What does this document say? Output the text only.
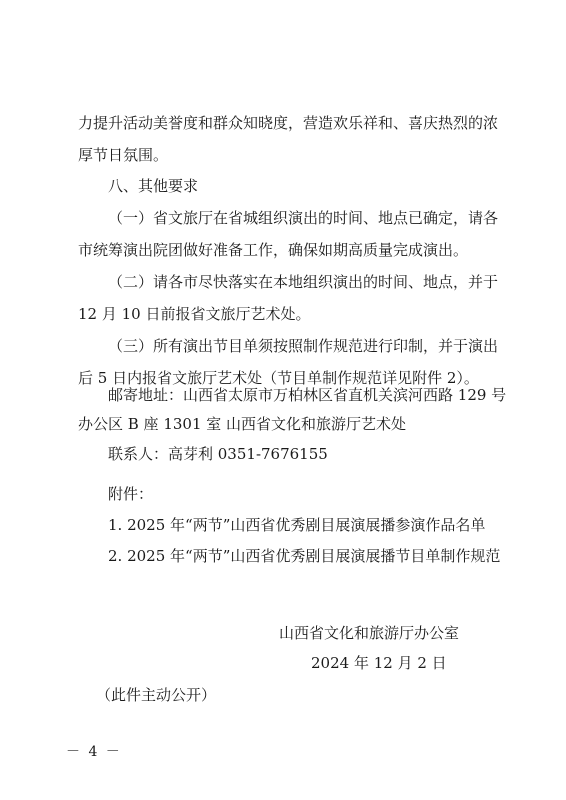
力提升活动美誉度和群众知晓度，营造欢乐祥和、喜庆热烈的浓
厚节日氛围。
八、其他要求
（一）省文旅厅在省城组织演出的时间、地点已确定，请各
市统筹演出院团做好准备工作，确保如期高质量完成演出。
（二）请各市尽快落实在本地组织演出的时间、地点，并于
12 月 10 日前报省文旅厅艺术处。
（三）所有演出节目单须按照制作规范进行印制，并于演出
后 5 日内报省文旅厅艺术处（节目单制作规范详见附件 2）。
邮寄地址：山西省太原市万柏林区省直机关滨河西路 129 号
办公区 B 座 1301 室 山西省文化和旅游厅艺术处
联系人：高芽利 0351-7676155
附件：
1. 2025 年“两节”山西省优秀剧目展演展播参演作品名单
2. 2025 年“两节”山西省优秀剧目展演展播节目单制作规范
山西省文化和旅游厅办公室
2024 年 12 月 2 日
（此件主动公开）
－ 4 －
